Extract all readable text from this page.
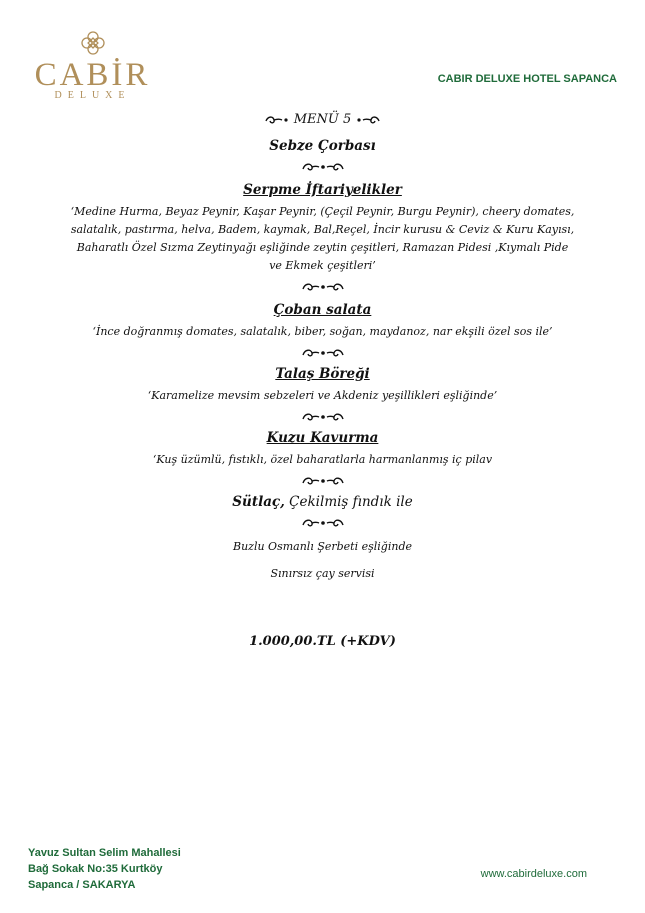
CABİR
DELUXE
CABIR DELUXE HOTEL SAPANCA
MENÜ 5
Sebze Çorbası
Serpme İftariyelikler
‘Medine Hurma, Beyaz Peynir, Kaşar Peynir, (Çeçil Peynir, Burgu Peynir), cheery domates,
salatalık, pastırma, helva, Badem, kaymak, Bal,Reçel, İncir kurusu & Ceviz & Kuru Kayısı,
Baharatlı Özel Sızma Zeytinyağı eşliğinde zeytin çeşitleri, Ramazan Pidesi ,Kıymalı Pide
ve Ekmek çeşitleri’
Çoban salata
‘İnce doğranmış domates, salatalık, biber, soğan, maydanoz, nar ekşili özel sos ile’
Talaş Böreği
‘Karamelize mevsim sebzeleri ve Akdeniz yeşillikleri eşliğinde’
Kuzu Kavurma
‘Kuş üzümlü, fıstıklı, özel baharatlarla harmanlanmış iç pilav
Sütlaç, Çekilmiş fındık ile
Buzlu Osmanlı Şerbeti eşliğinde
Sınırsız çay servisi
1.000,00.TL (+KDV)
Yavuz Sultan Selim Mahallesi
Bağ Sokak No:35 Kurtköy
Sapanca / SAKARYA
www.cabirdeluxe.com
